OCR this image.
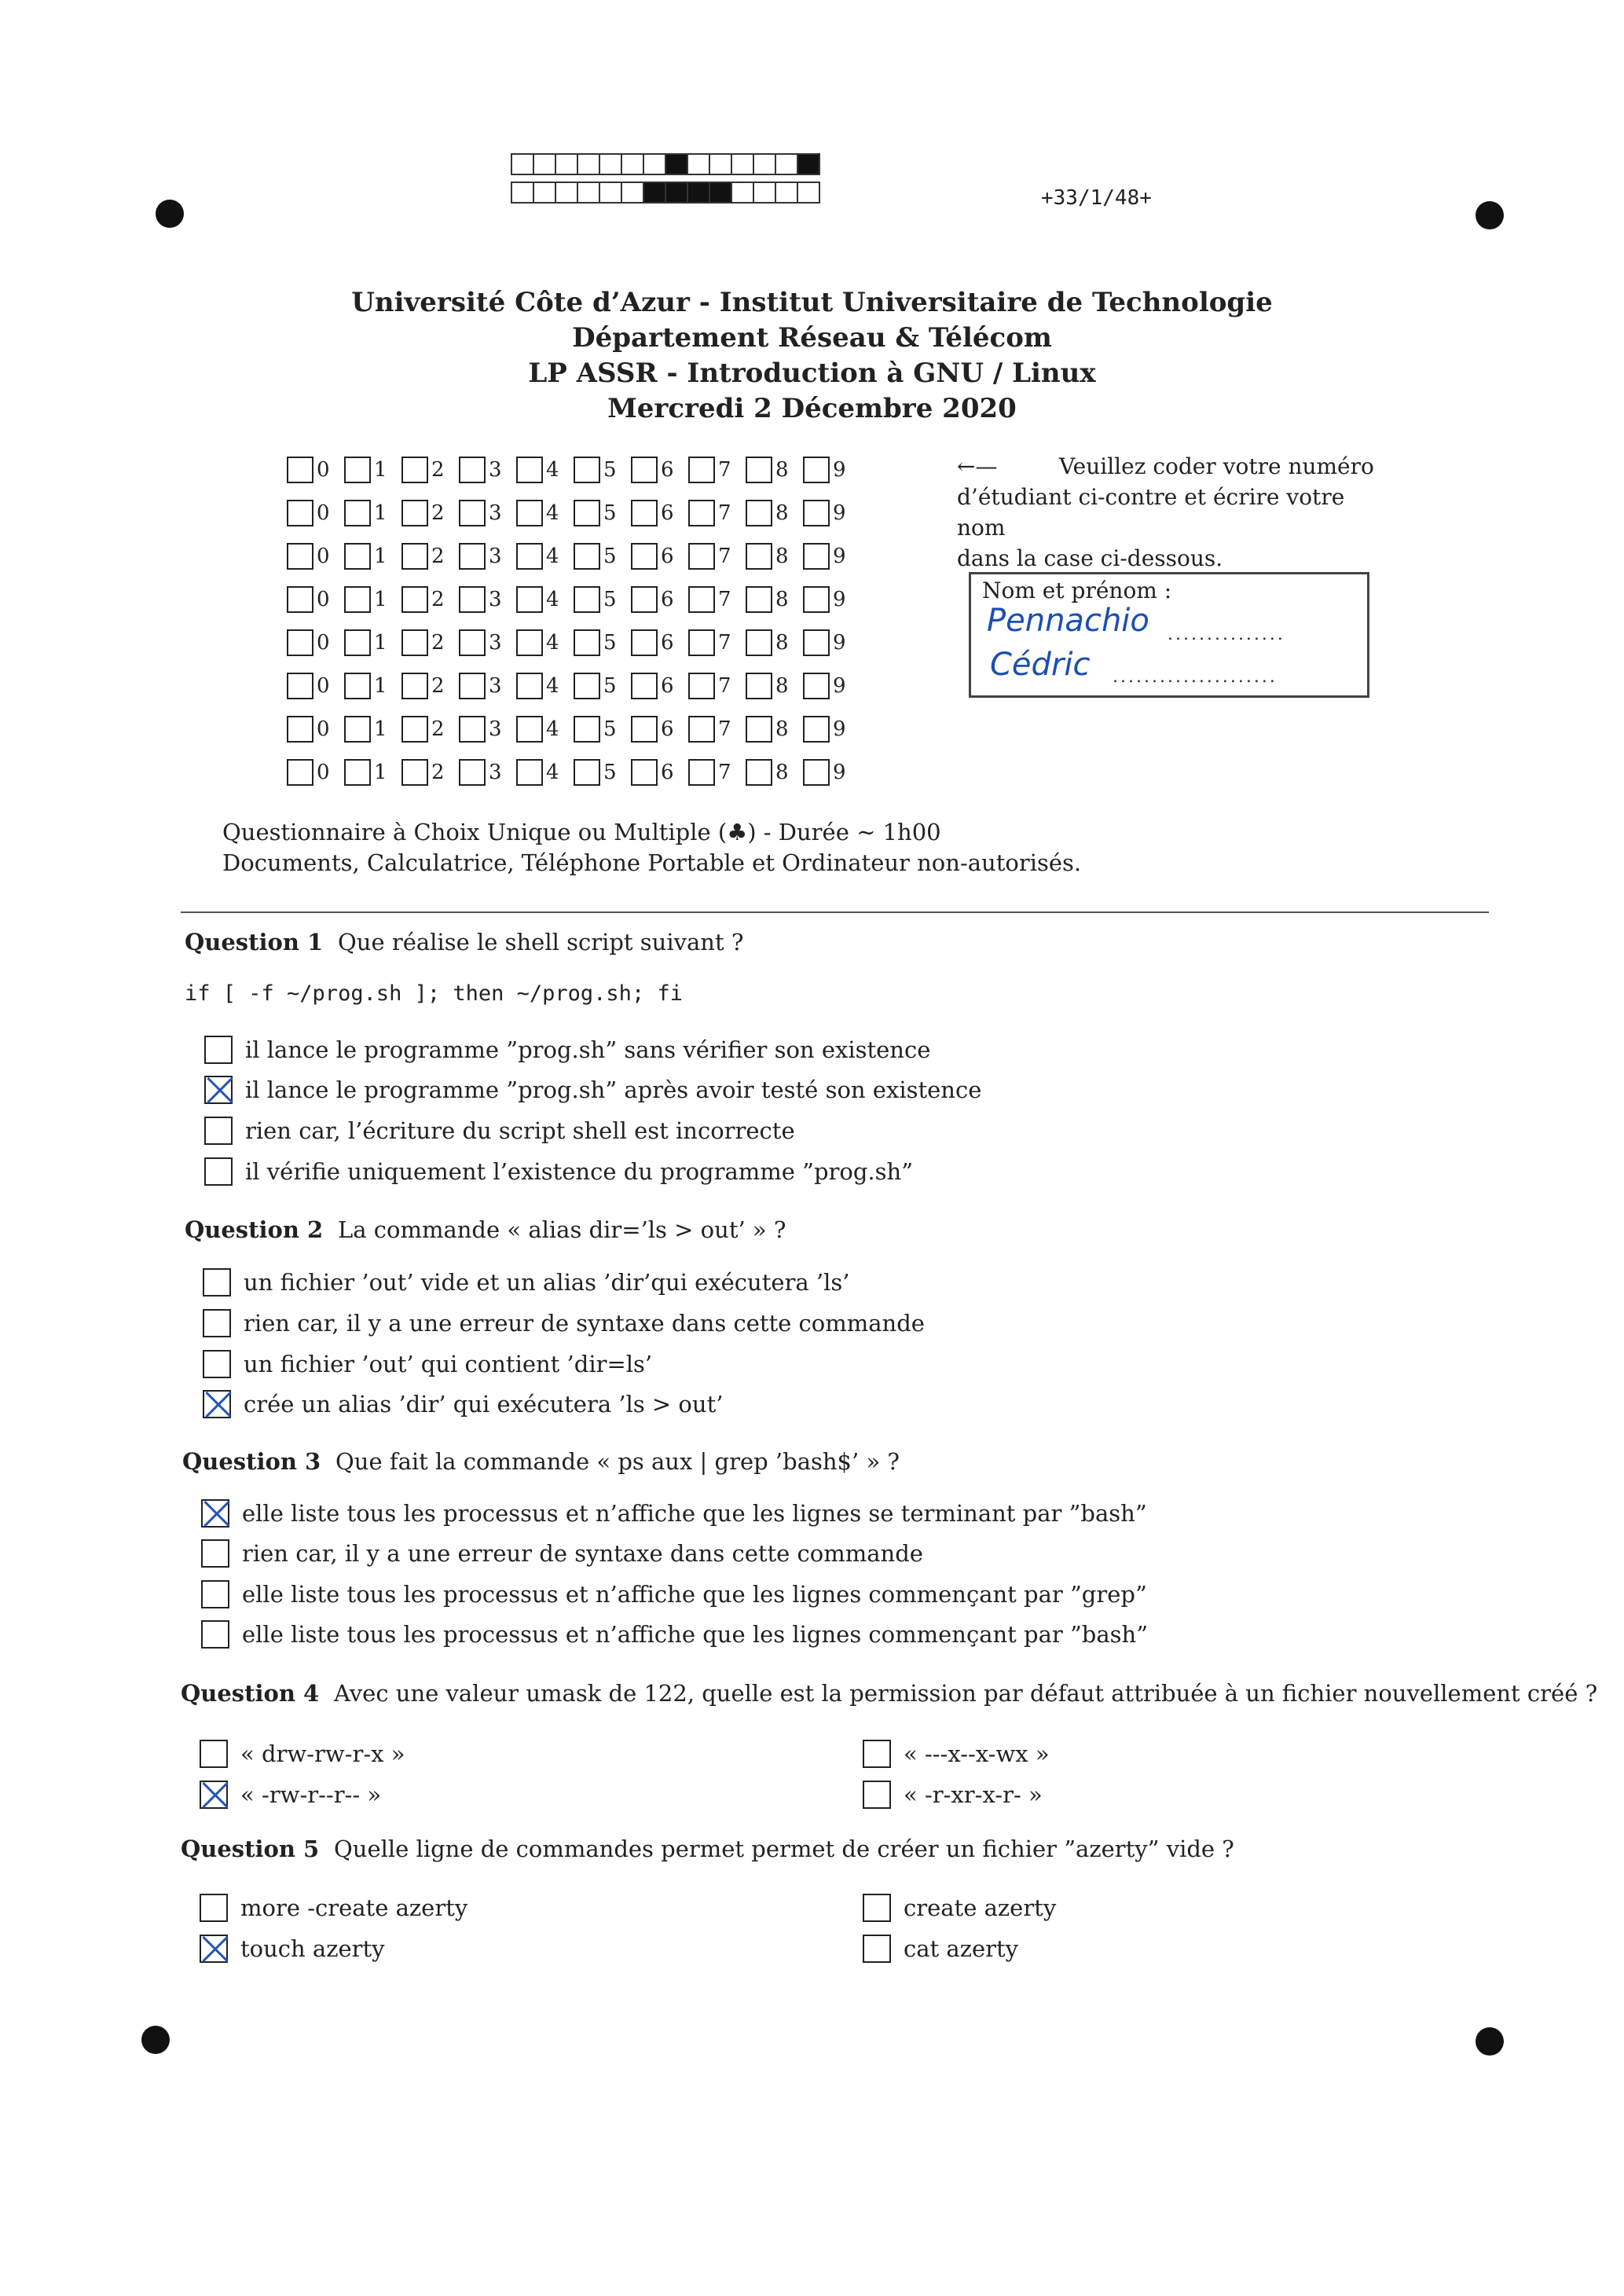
+33/1/48+
Université Côte d’Azur - Institut Universitaire de Technologie
Département Réseau & Télécom
LP ASSR - Introduction à GNU / Linux
Mercredi 2 Décembre 2020
0 1 2 3 4 5 6 7 8 9
0 1 2 3 4 5 6 7 8 9
0 1 2 3 4 5 6 7 8 9
0 1 2 3 4 5 6 7 8 9
0 1 2 3 4 5 6 7 8 9
0 1 2 3 4 5 6 7 8 9
0 1 2 3 4 5 6 7 8 9
0 1 2 3 4 5 6 7 8 9
←—	Veuillez coder votre numéro
d’étudiant ci-contre et écrire votre nom
dans la case ci-dessous.
Nom et prénom :
Pennachio ...............
Cédric .....................
Questionnaire à Choix Unique ou Multiple (♣) - Durée ∼ 1h00
Documents, Calculatrice, Téléphone Portable et Ordinateur non-autorisés.
Question 1 Que réalise le shell script suivant ?
if [ -f ~/prog.sh ]; then ~/prog.sh; fi
il lance le programme ”prog.sh” sans vérifier son existence
il lance le programme ”prog.sh” après avoir testé son existence
rien car, l’écriture du script shell est incorrecte
il vérifie uniquement l’existence du programme ”prog.sh”
Question 2 La commande « alias dir=’ls > out’ » ?
un fichier ’out’ vide et un alias ’dir’qui exécutera ’ls’
rien car, il y a une erreur de syntaxe dans cette commande
un fichier ’out’ qui contient ’dir=ls’
crée un alias ’dir’ qui exécutera ’ls > out’
Question 3 Que fait la commande « ps aux | grep ’bash$’ » ?
elle liste tous les processus et n’affiche que les lignes se terminant par ”bash”
rien car, il y a une erreur de syntaxe dans cette commande
elle liste tous les processus et n’affiche que les lignes commençant par ”grep”
elle liste tous les processus et n’affiche que les lignes commençant par ”bash”
Question 4 Avec une valeur umask de 122, quelle est la permission par défaut attribuée à un fichier nouvellement créé ?
« drw-rw-r-x »
« -rw-r--r-- »
« ---x--x-wx »
« -r-xr-x-r- »
Question 5 Quelle ligne de commandes permet permet de créer un fichier ”azerty” vide ?
more -create azerty
touch azerty
create azerty
cat azerty
